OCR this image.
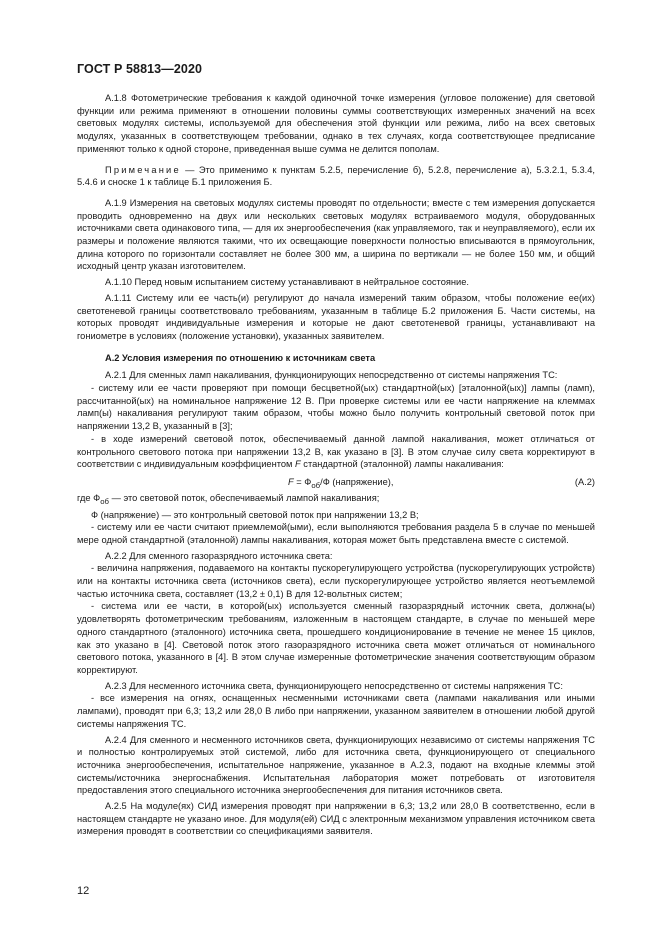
ГОСТ Р 58813—2020

А.1.8 Фотометрические требования к каждой одиночной точке измерения (угловое положение) для световой функции или режима применяют в отношении половины суммы соответствующих измеренных значений на всех световых модулях системы, используемой для обеспечения этой функции или режима, либо на всех световых модулях, указанных в соответствующем требовании, однако в тех случаях, когда соответствующее предписание применяют только к одной стороне, приведенная выше сумма не делится пополам.

Примечание — Это применимо к пунктам 5.2.5, перечисление б), 5.2.8, перечисление а), 5.3.2.1, 5.3.4, 5.4.6 и сноске 1 к таблице Б.1 приложения Б.

А.1.9 Измерения на световых модулях системы проводят по отдельности; вместе с тем измерения допускается проводить одновременно на двух или нескольких световых модулях встраиваемого модуля, оборудованных источниками света одинакового типа, — для их энергообеспечения (как управляемого, так и неуправляемого), если их размеры и положение являются такими, что их освещающие поверхности полностью вписываются в прямоугольник, длина которого по горизонтали составляет не более 300 мм, а ширина по вертикали — не более 150 мм, и общий исходный центр указан изготовителем.

А.1.10 Перед новым испытанием систему устанавливают в нейтральное состояние.

А.1.11 Систему или ее часть(и) регулируют до начала измерений таким образом, чтобы положение ее(их) светотеневой границы соответствовало требованиям, указанным в таблице Б.2 приложения Б. Части системы, на которых проводят индивидуальные измерения и которые не дают светотеневой границы, устанавливают на гониометре в условиях (положение установки), указанных заявителем.

А.2 Условия измерения по отношению к источникам света

А.2.1 Для сменных ламп накаливания, функционирующих непосредственно от системы напряжения ТС:

- систему или ее части проверяют при помощи бесцветной(ых) стандартной(ых) [эталонной(ых)] лампы (ламп), рассчитанной(ых) на номинальное напряжение 12 В. При проверке системы или ее части напряжение на клеммах ламп(ы) накаливания регулируют таким образом, чтобы можно было получить контрольный световой поток при напряжении 13,2 В, указанный в [3];

- в ходе измерений световой поток, обеспечиваемый данной лампой накаливания, может отличаться от контрольного светового потока при напряжении 13,2 В, как указано в [3]. В этом случае силу света корректируют в соответствии с индивидуальным коэффициентом F стандартной (эталонной) лампы накаливания:

$F = Ф_{об}/Ф$ (напряжение),	(А.2)

где $Ф_{об}$ — это световой поток, обеспечиваемый лампой накаливания;

Ф (напряжение) — это контрольный световой поток при напряжении 13,2 В;

- систему или ее части считают приемлемой(ыми), если выполняются требования раздела 5 в случае по меньшей мере одной стандартной (эталонной) лампы накаливания, которая может быть представлена вместе с системой.

А.2.2 Для сменного газоразрядного источника света:

- величина напряжения, подаваемого на контакты пускорегулирующего устройства (пускорегулирующих устройств) или на контакты источника света (источников света), если пускорегулирующее устройство является неотъемлемой частью источника света, составляет (13,2 ± 0,1) В для 12-вольтных систем;

- система или ее части, в которой(ых) используется сменный газоразрядный источник света, должна(ы) удовлетворять фотометрическим требованиям, изложенным в настоящем стандарте, в случае по меньшей мере одного стандартного (эталонного) источника света, прошедшего кондиционирование в течение не менее 15 циклов, как это указано в [4]. Световой поток этого газоразрядного источника света может отличаться от номинального светового потока, указанного в [4]. В этом случае измеренные фотометрические значения соответствующим образом корректируют.

А.2.3 Для несменного источника света, функционирующего непосредственно от системы напряжения ТС:

- все измерения на огнях, оснащенных несменными источниками света (лампами накаливания или иными лампами), проводят при 6,3; 13,2 или 28,0 В либо при напряжении, указанном заявителем в отношении любой другой системы напряжения ТС.

А.2.4 Для сменного и несменного источников света, функционирующих независимо от системы напряжения ТС и полностью контролируемых этой системой, либо для источника света, функционирующего от специального источника энергообеспечения, испытательное напряжение, указанное в А.2.3, подают на входные клеммы этой системы/источника энергоснабжения. Испытательная лаборатория может потребовать от изготовителя предоставления этого специального источника энергообеспечения для питания источников света.

А.2.5 На модуле(ях) СИД измерения проводят при напряжении в 6,3; 13,2 или 28,0 В соответственно, если в настоящем стандарте не указано иное. Для модуля(ей) СИД с электронным механизмом управления источником света измерения проводят в соответствии со спецификациями заявителя.

12
